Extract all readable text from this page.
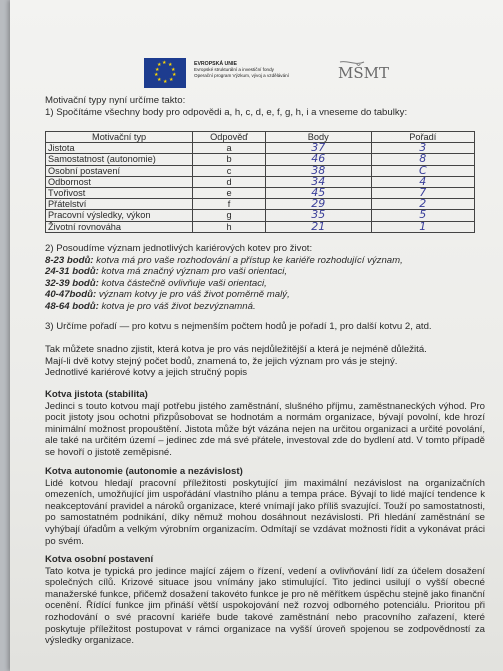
★ ★
★
★
★
★
★
★
★
★	EVROPSKÁ UNIE
Evropské strukturální a investiční fondy
Operační program Výzkum, vývoj a vzdělávání	MŠMT

Motivační typy nyní určíme takto:

1) Spočítáme všechny body pro odpovědi a, h, c, d, e, f, g, h, i a vneseme do tabulky:

Motivační typ	Odpověď	Body	Pořadí
Jistota	a	37	3
Samostatnost (autonomie)	b	46	8
Osobní postavení	c	38	C
Odbornost	d	34	4
Tvořivost	e	45	7
Přátelství	f	29	2
Pracovní výsledky, výkon	g	35	5
Životní rovnováha	h	21	1

2) Posoudíme význam jednotlivých kariérových kotev pro život:

8-23 bodů: kotva má pro vaše rozhodování a přístup ke kariéře rozhodující význam,

24-31 bodů: kotva má značný význam pro vaši orientaci,

32-39 bodů: kotva částečně ovlivňuje vaši orientaci,

40-47bodů: význam kotvy je pro váš život poměrně malý,

48-64 bodů: kotva je pro váš život bezvýznamná.

3) Určíme pořadí — pro kotvu s nejmenším počtem hodů je pořadí 1, pro další kotvu 2, atd.

Tak můžete snadno zjistit, která kotva je pro vás nejdůležitější a která je nejméně důležitá.

Mají-li dvě kotvy stejný počet bodů, znamená to, že jejich význam pro vás je stejný.

Jednotlivé kariérové kotvy a jejich stručný popis

Kotva jistota (stabilita)

Jedinci s touto kotvou mají potřebu jistého zaměstnání, slušného příjmu, zaměstnaneckých výhod. Pro pocit jistoty jsou ochotni přizpůsobovat se hodnotám a normám organizace, bývají povolní, kde hrozí minimální možnost propouštění. Jistota může být vázána nejen na určitou organizaci a určité povolání, ale také na určitém území – jedinec zde má své přátele, investoval zde do bydlení atd. V tomto případě se hovoří o jistotě zeměpisné.

Kotva autonomie (autonomie a nezávislost)

Lidé kotvou hledají pracovní příležitosti poskytující jim maximální nezávislost na organizačních omezeních, umožňující jim uspořádání vlastního plánu a tempa práce. Bývají to lidé mající tendence k neakceptování pravidel a nároků organizace, které vnímají jako příliš svazující. Touží po samostatnosti, po samostatném podnikání, díky němuž mohou dosáhnout nezávislosti. Při hledání zaměstnání se vyhýbají úřadům a velkým výrobním organizacím. Odmítají se vzdávat možnosti řídit a vykonávat práci po svém.

Kotva osobní postavení

Tato kotva je typická pro jedince mající zájem o řízení, vedení a ovlivňování lidí za účelem dosažení společných cílů. Krizové situace jsou vnímány jako stimulující. Tito jedinci usilují o vyšší obecné manažerské funkce, přičemž dosažení takovéto funkce je pro ně měřítkem úspěchu stejně jako finanční ocenění. Řídící funkce jim přináší větší uspokojování než rozvoj odborného potenciálu. Prioritou při rozhodování o své pracovní kariéře bude takové zaměstnání nebo pracovního zařazení, které poskytuje příležitost postupovat v rámci organizace na vyšší úroveň spojenou se zodpovědností za výsledky organizace.
